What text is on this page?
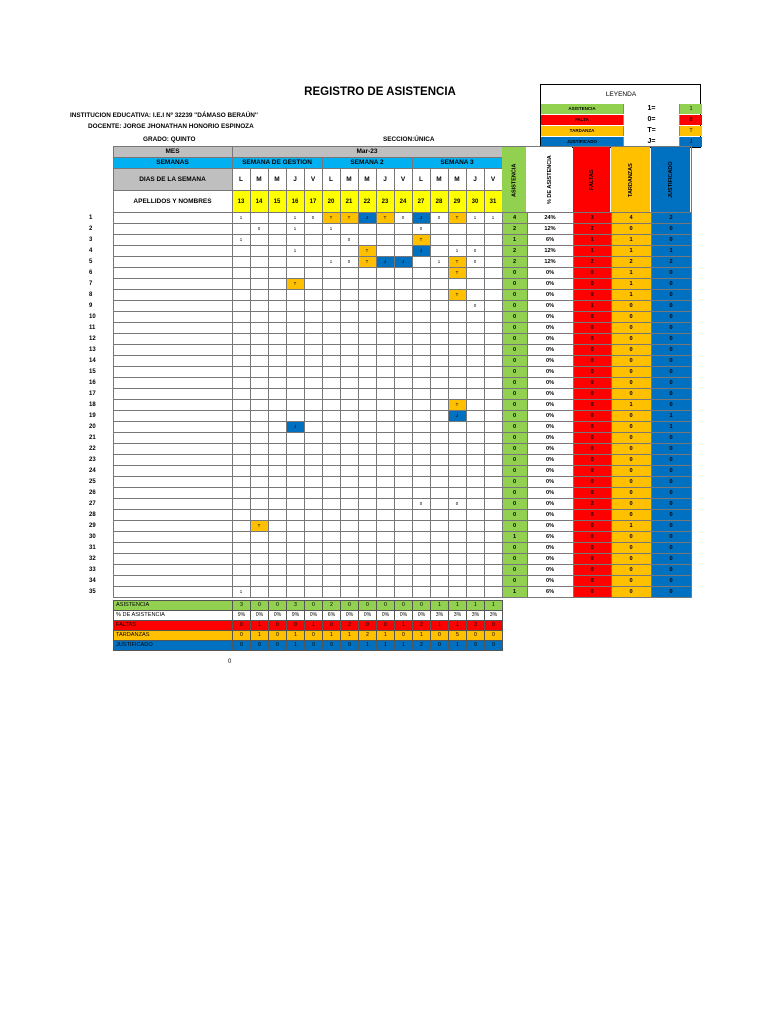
REGISTRO DE ASISTENCIA
INSTITUCION EDUCATIVA: I.E.I Nº 32239 ''DÁMASO BERAÚN''
DOCENTE: JORGE JHONATHAN HONORIO ESPINOZA
GRADO: QUINTO	SECCION:ÚNICA
LEYENDA
ASISTENCIA	1=	1
FALTA	0=	0
TARDANZA	T=	T
JUSTIFICADO	J=	J
	MES	Mar-23															ASISTENCIA	% DE ASISTENCIA	FALTAS	TARDANZAS	JUSTIFICADO
	SEMANAS	SEMANA DE GESTION					SEMANA 2					SEMANA 3									
	DIAS DE LA SEMANA	L	M	M	J	V	L	M	M	J	V	L	M	M	J	V					
	APELLIDOS Y NOMBRES	13	14	15	16	17	20	21	22	23	24	27	28	29	30	31					
1		1			1	0	T	T	J	T	0	J	0	T	1	1	4	24%	3	4	2
2			0		1		1					0					2	12%	2	0	0
3		1						0				T					1	6%	1	1	0
4					1				T			J		1	0		2	12%	1	1	1
5							1	0	T	J	J		1	T	0		2	12%	2	2	2
6														T			0	0%	0	1	0
7					T												0	0%	0	1	0
8														T			0	0%	0	1	0
9															0		0	0%	1	0	0
10																	0	0%	0	0	0
11																	0	0%	0	0	0
12																	0	0%	0	0	0
13																	0	0%	0	0	0
14																	0	0%	0	0	0
15																	0	0%	0	0	0
16																	0	0%	0	0	0
17																	0	0%	0	0	0
18														T			0	0%	0	1	0
19														J			0	0%	0	0	1
20					J												0	0%	0	0	1
21																	0	0%	0	0	0
22																	0	0%	0	0	0
23																	0	0%	0	0	0
24																	0	0%	0	0	0
25																	0	0%	0	0	0
26																	0	0%	0	0	0
27												0		0			0	0%	2	0	0
28																	0	0%	0	0	0
29			T														0	0%	0	1	0
30																	1	6%	0	0	0
31																	0	0%	0	0	0
32																	0	0%	0	0	0
33																	0	0%	0	0	0
34																	0	0%	0	0	0
35		1															1	6%	0	0	0
ASISTENCIA	3	0	0	3	0	2	0	0	0	0	0	1	1	1	1
% DE ASISTENCIA	9%	0%	0%	9%	0%	6%	0%	0%	0%	0%	0%	3%	3%	3%	3%
FALTAS	0	1	0	0	1	0	2	0	0	1	2	1	1	3	0
TARDANZAS	0	1	0	1	0	1	1	2	1	0	1	0	5	0	0
JUSTIFICADO	0	0	0	1	0	0	0	1	1	1	2	0	1	0	0
0
